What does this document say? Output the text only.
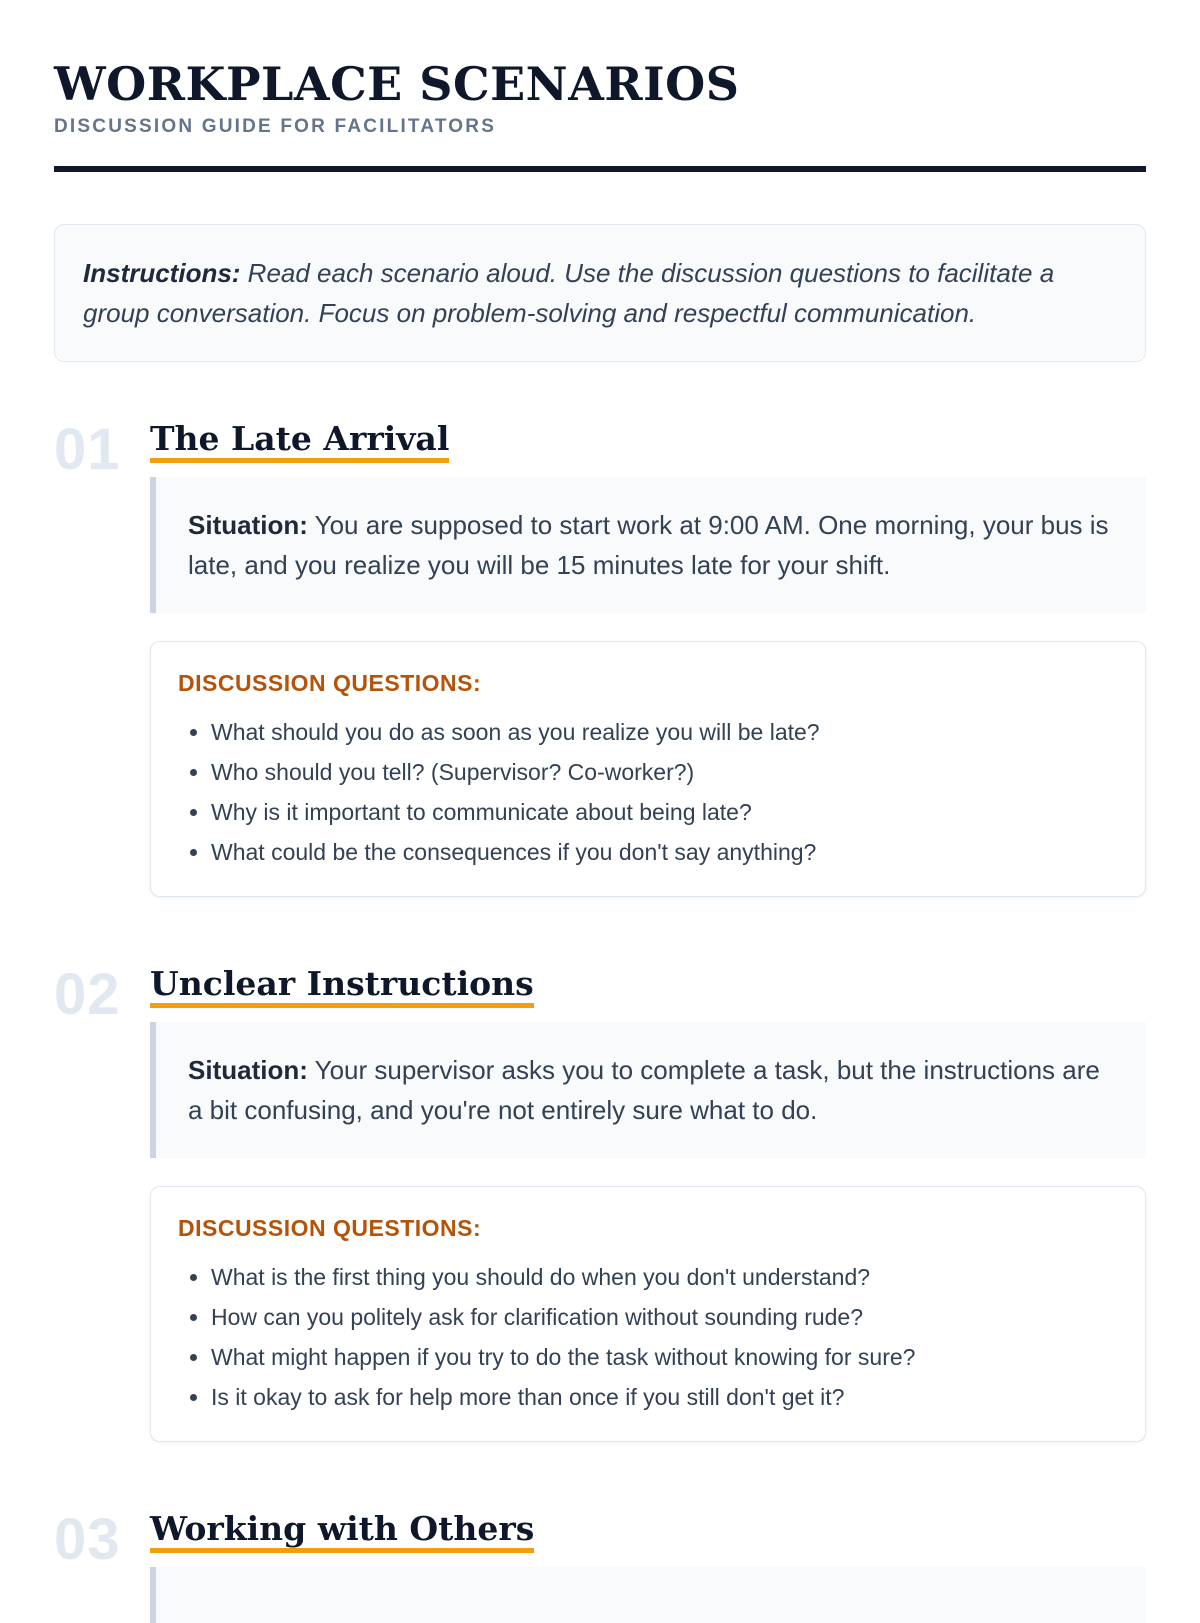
WORKPLACE SCENARIOS
DISCUSSION GUIDE FOR FACILITATORS
Instructions: Read each scenario aloud. Use the discussion questions to facilitate a group conversation. Focus on problem-solving and respectful communication.
01 The Late Arrival
Situation: You are supposed to start work at 9:00 AM. One morning, your bus is late, and you realize you will be 15 minutes late for your shift.
DISCUSSION QUESTIONS:
• What should you do as soon as you realize you will be late?
• Who should you tell? (Supervisor? Co-worker?)
• Why is it important to communicate about being late?
• What could be the consequences if you don't say anything?
02 Unclear Instructions
Situation: Your supervisor asks you to complete a task, but the instructions are a bit confusing, and you're not entirely sure what to do.
DISCUSSION QUESTIONS:
• What is the first thing you should do when you don't understand?
• How can you politely ask for clarification without sounding rude?
• What might happen if you try to do the task without knowing for sure?
• Is it okay to ask for help more than once if you still don't get it?
03 Working with Others
